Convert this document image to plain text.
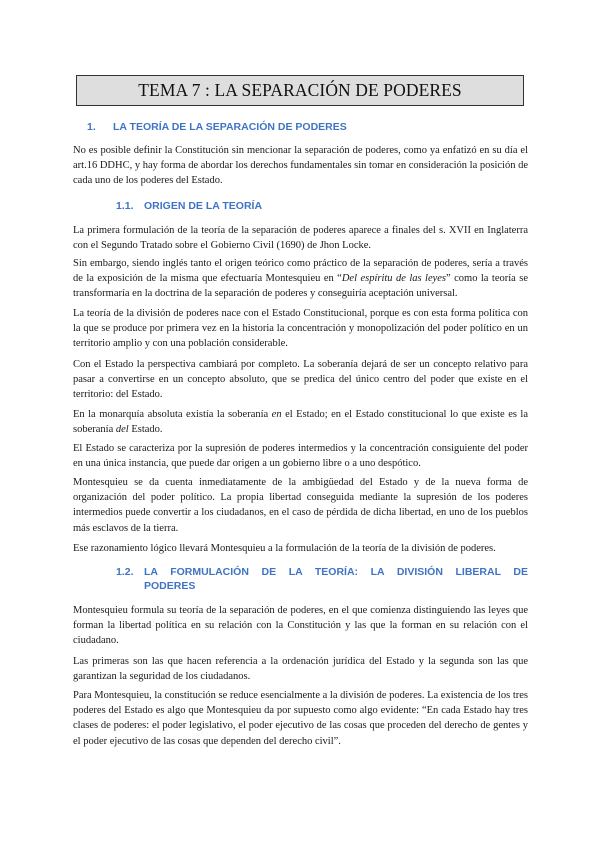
TEMA 7 : LA SEPARACIÓN DE PODERES
1. LA TEORÍA DE LA SEPARACIÓN DE PODERES

No es posible definir la Constitución sin mencionar la separación de poderes, como ya enfatizó en su día el art.16 DDHC, y hay forma de abordar los derechos fundamentales sin tomar en consideración la posición de cada uno de los poderes del Estado.

1.1. ORIGEN DE LA TEORÍA

La primera formulación de la teoría de la separación de poderes aparece a finales del s. XVII en Inglaterra con el Segundo Tratado sobre el Gobierno Civil (1690) de Jhon Locke.

Sin embargo, siendo inglés tanto el origen teórico como práctico de la separación de poderes, sería a través de la exposición de la misma que efectuaría Montesquieu en “Del espíritu de las leyes” como la teoría se transformaría en la doctrina de la separación de poderes y conseguiría aceptación universal.

La teoría de la división de poderes nace con el Estado Constitucional, porque es con esta forma política con la que se produce por primera vez en la historia la concentración y monopolización del poder político en un territorio amplio y con una población considerable.

Con el Estado la perspectiva cambiará por completo. La soberanía dejará de ser un concepto relativo para pasar a convertirse en un concepto absoluto, que se predica del único centro del poder que existe en el territorio: del Estado.

En la monarquía absoluta existía la soberanía en el Estado; en el Estado constitucional lo que existe es la soberanía del Estado.

El Estado se caracteriza por la supresión de poderes intermedios y la concentración consiguiente del poder en una única instancia, que puede dar origen a un gobierno libre o a uno despótico.

Montesquieu se da cuenta inmediatamente de la ambigüedad del Estado y de la nueva forma de organización del poder político. La propia libertad conseguida mediante la supresión de los poderes intermedios puede convertir a los ciudadanos, en el caso de pérdida de dicha libertad, en uno de los pueblos más esclavos de la tierra.

Ese razonamiento lógico llevará Montesquieu a la formulación de la teoría de la división de poderes.

1.2. LA FORMULACIÓN DE LA TEORÍA: LA DIVISIÓN LIBERAL DE
PODERES

Montesquieu formula su teoría de la separación de poderes, en el que comienza distinguiendo las leyes que forman la libertad política en su relación con la Constitución y las que la forman en su relación con el ciudadano.

Las primeras son las que hacen referencia a la ordenación jurídica del Estado y la segunda son las que garantizan la seguridad de los ciudadanos.

Para Montesquieu, la constitución se reduce esencialmente a la división de poderes. La existencia de los tres poderes del Estado es algo que Montesquieu da por supuesto como algo evidente: “En cada Estado hay tres clases de poderes: el poder legislativo, el poder ejecutivo de las cosas que proceden del derecho de gentes y el poder ejecutivo de las cosas que dependen del derecho civil”.
